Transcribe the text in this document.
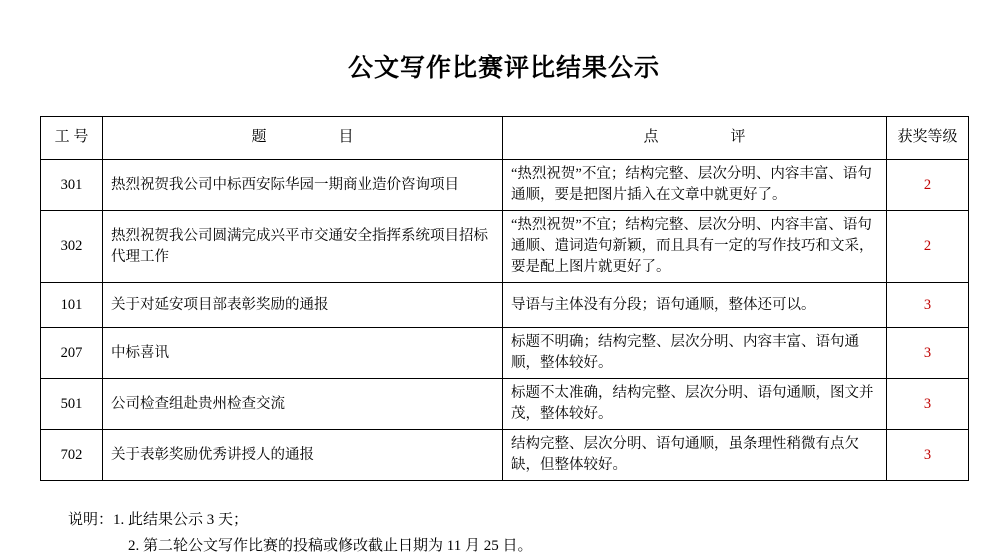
公文写作比赛评比结果公示
工 号	题　　目	点　　评	获奖等级
301	热烈祝贺我公司中标西安际华园一期商业造价咨询项目	“热烈祝贺”不宜；结构完整、层次分明、内容丰富、语句通顺，要是把图片插入在文章中就更好了。	2
302	热烈祝贺我公司圆满完成兴平市交通安全指挥系统项目招标代理工作	“热烈祝贺”不宜；结构完整、层次分明、内容丰富、语句通顺、遣词造句新颖，而且具有一定的写作技巧和文采，要是配上图片就更好了。	2
101	关于对延安项目部表彰奖励的通报	导语与主体没有分段；语句通顺，整体还可以。	3
207	中标喜讯	标题不明确；结构完整、层次分明、内容丰富、语句通顺，整体较好。	3
501	公司检查组赴贵州检查交流	标题不太准确，结构完整、层次分明、语句通顺，图文并茂，整体较好。	3
702	关于表彰奖励优秀讲授人的通报	结构完整、层次分明、语句通顺，虽条理性稍微有点欠缺，但整体较好。	3
说明：1. 此结果公示 3 天；
2. 第二轮公文写作比赛的投稿或修改截止日期为 11 月 25 日。
